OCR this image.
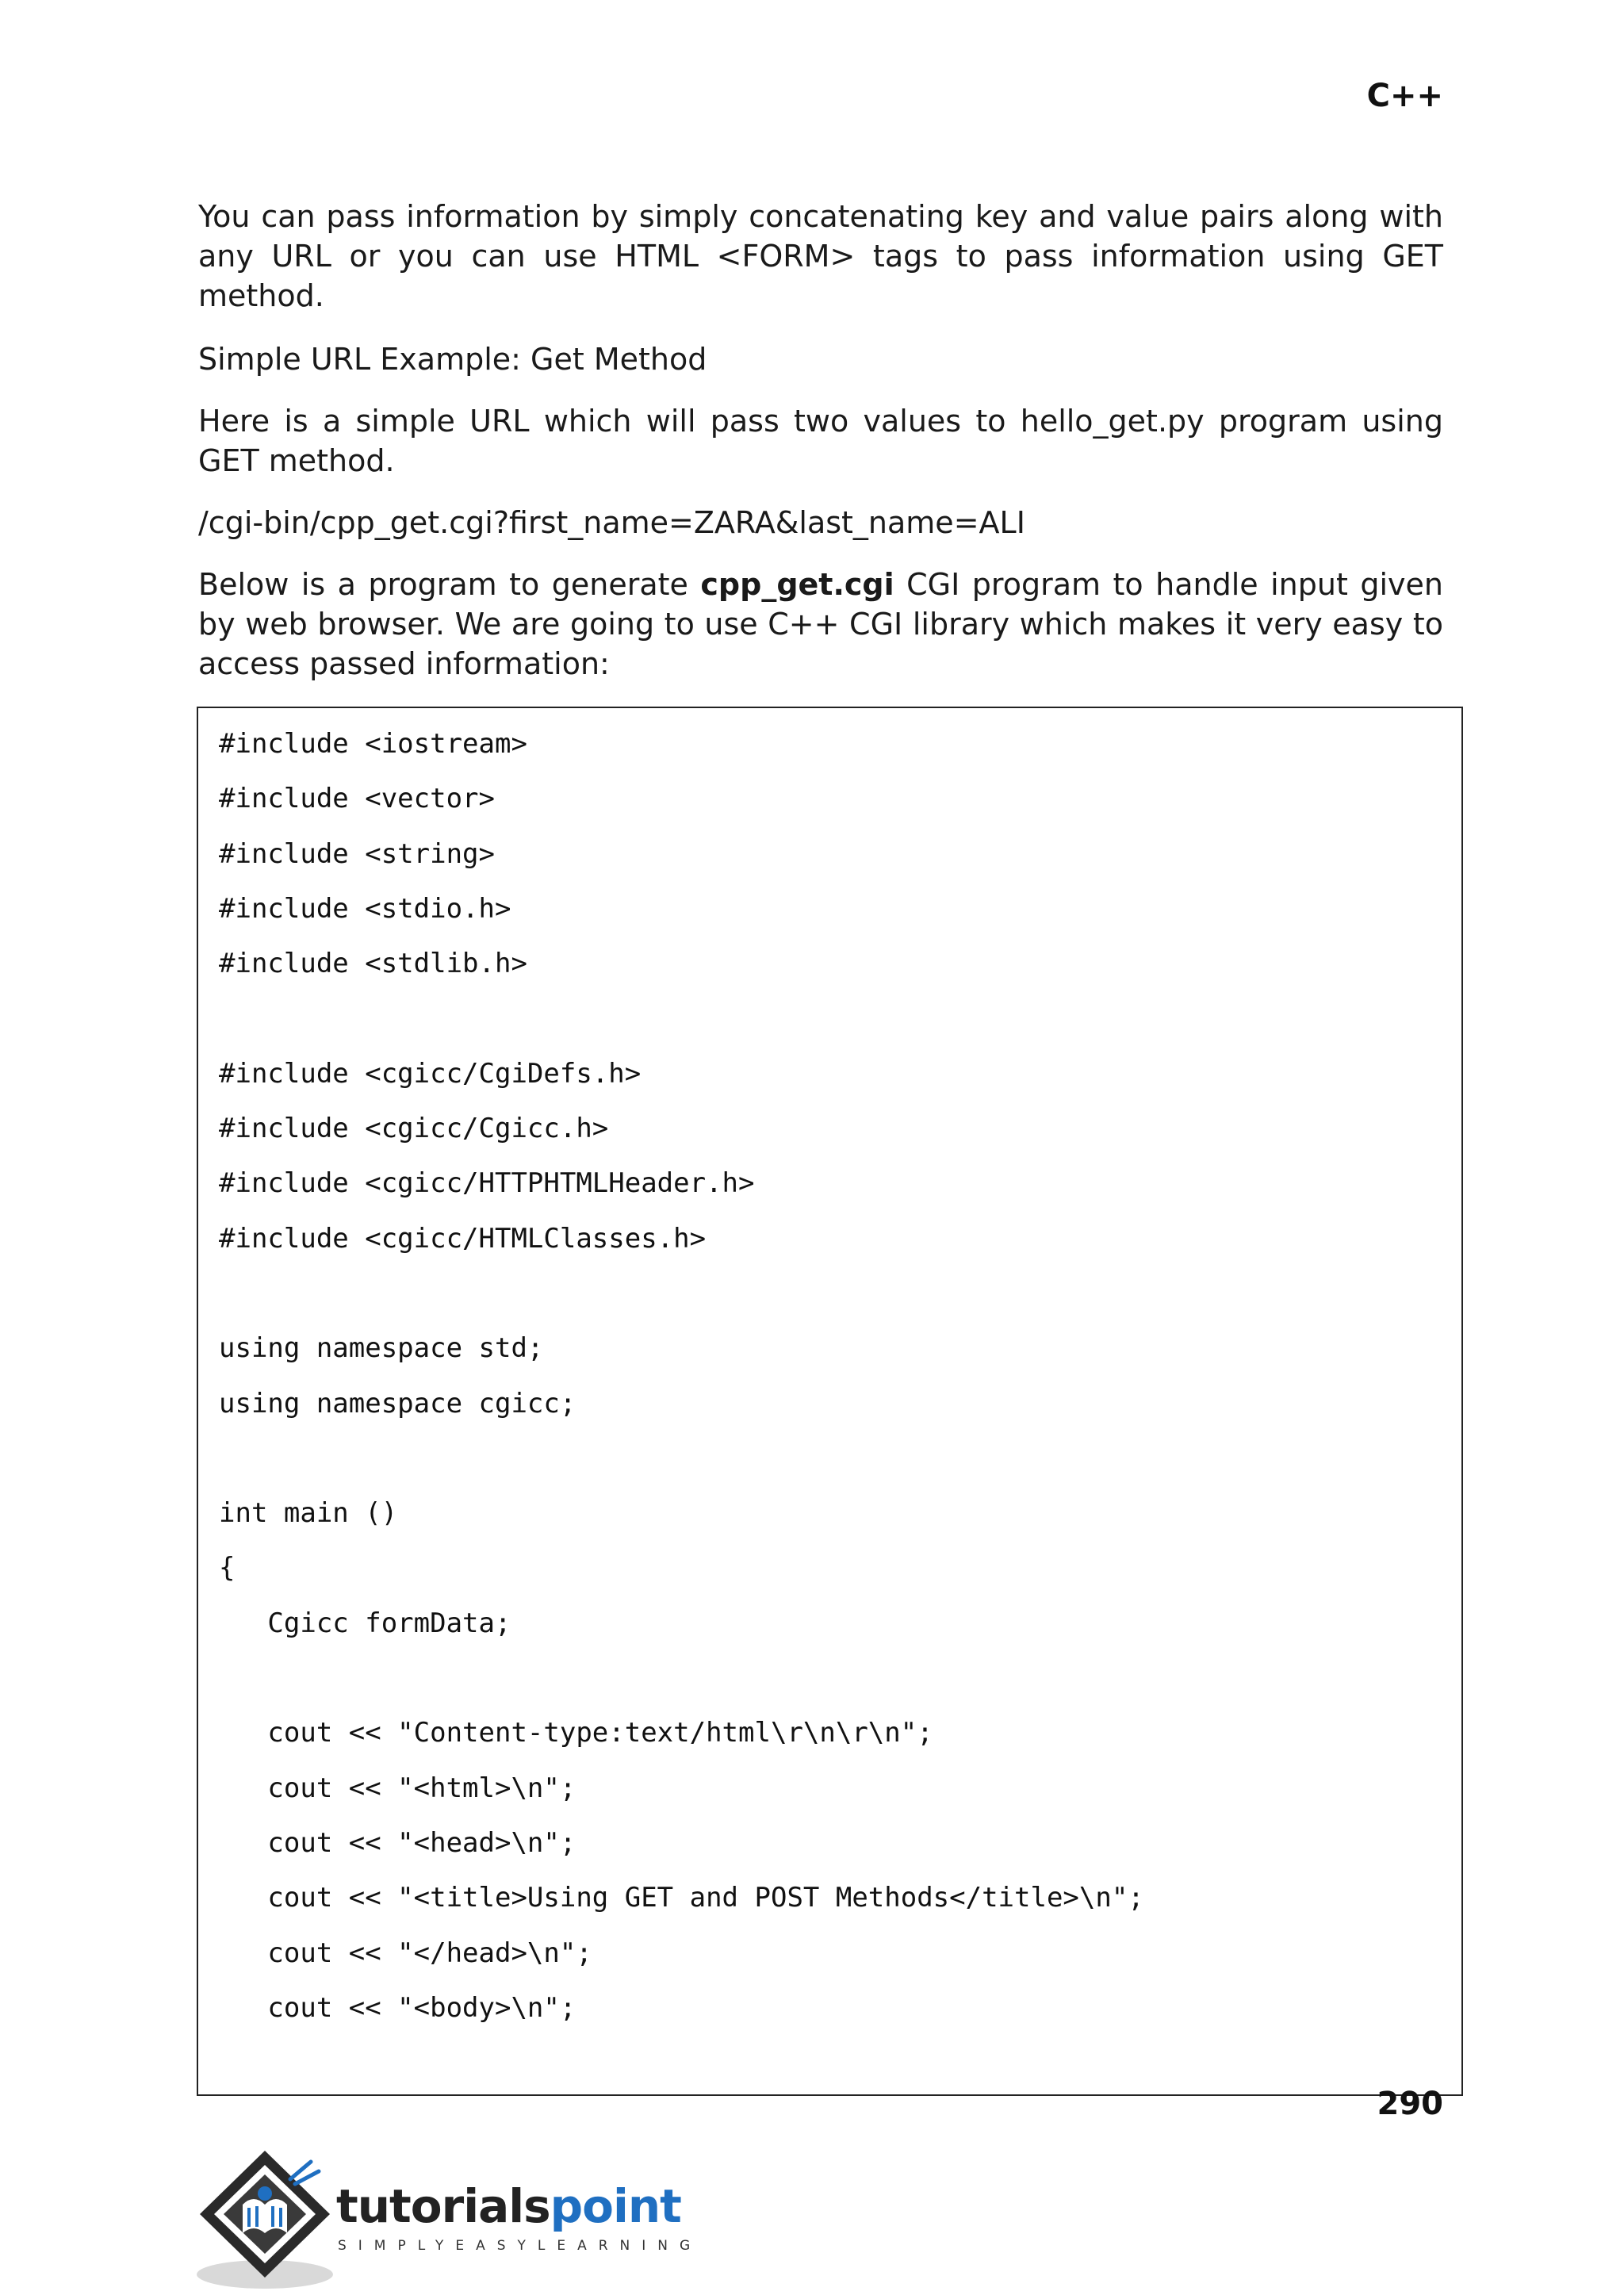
C++

You can pass information by simply concatenating key and value pairs along with any URL or you can use HTML <FORM> tags to pass information using GET method.

Simple URL Example: Get Method

Here is a simple URL which will pass two values to hello_get.py program using GET method.

/cgi-bin/cpp_get.cgi?first_name=ZARA&last_name=ALI

Below is a program to generate cpp_get.cgi CGI program to handle input given by web browser. We are going to use C++ CGI library which makes it very easy to access passed information:

#include <iostream>
#include <vector>
#include <string>
#include <stdio.h>
#include <stdlib.h>
#include <cgicc/CgiDefs.h>
#include <cgicc/Cgicc.h>
#include <cgicc/HTTPHTMLHeader.h>
#include <cgicc/HTMLClasses.h>
using namespace std;
using namespace cgicc;
int main ()
{
Cgicc formData;
cout << "Content-type:text/html\r\n\r\n";
cout << "<html>\n";
cout << "<head>\n";
cout << "<title>Using GET and POST Methods</title>\n";
cout << "</head>\n";
cout << "<body>\n";
290
tutorialspoint
SIMPLYEASYLEARNING
